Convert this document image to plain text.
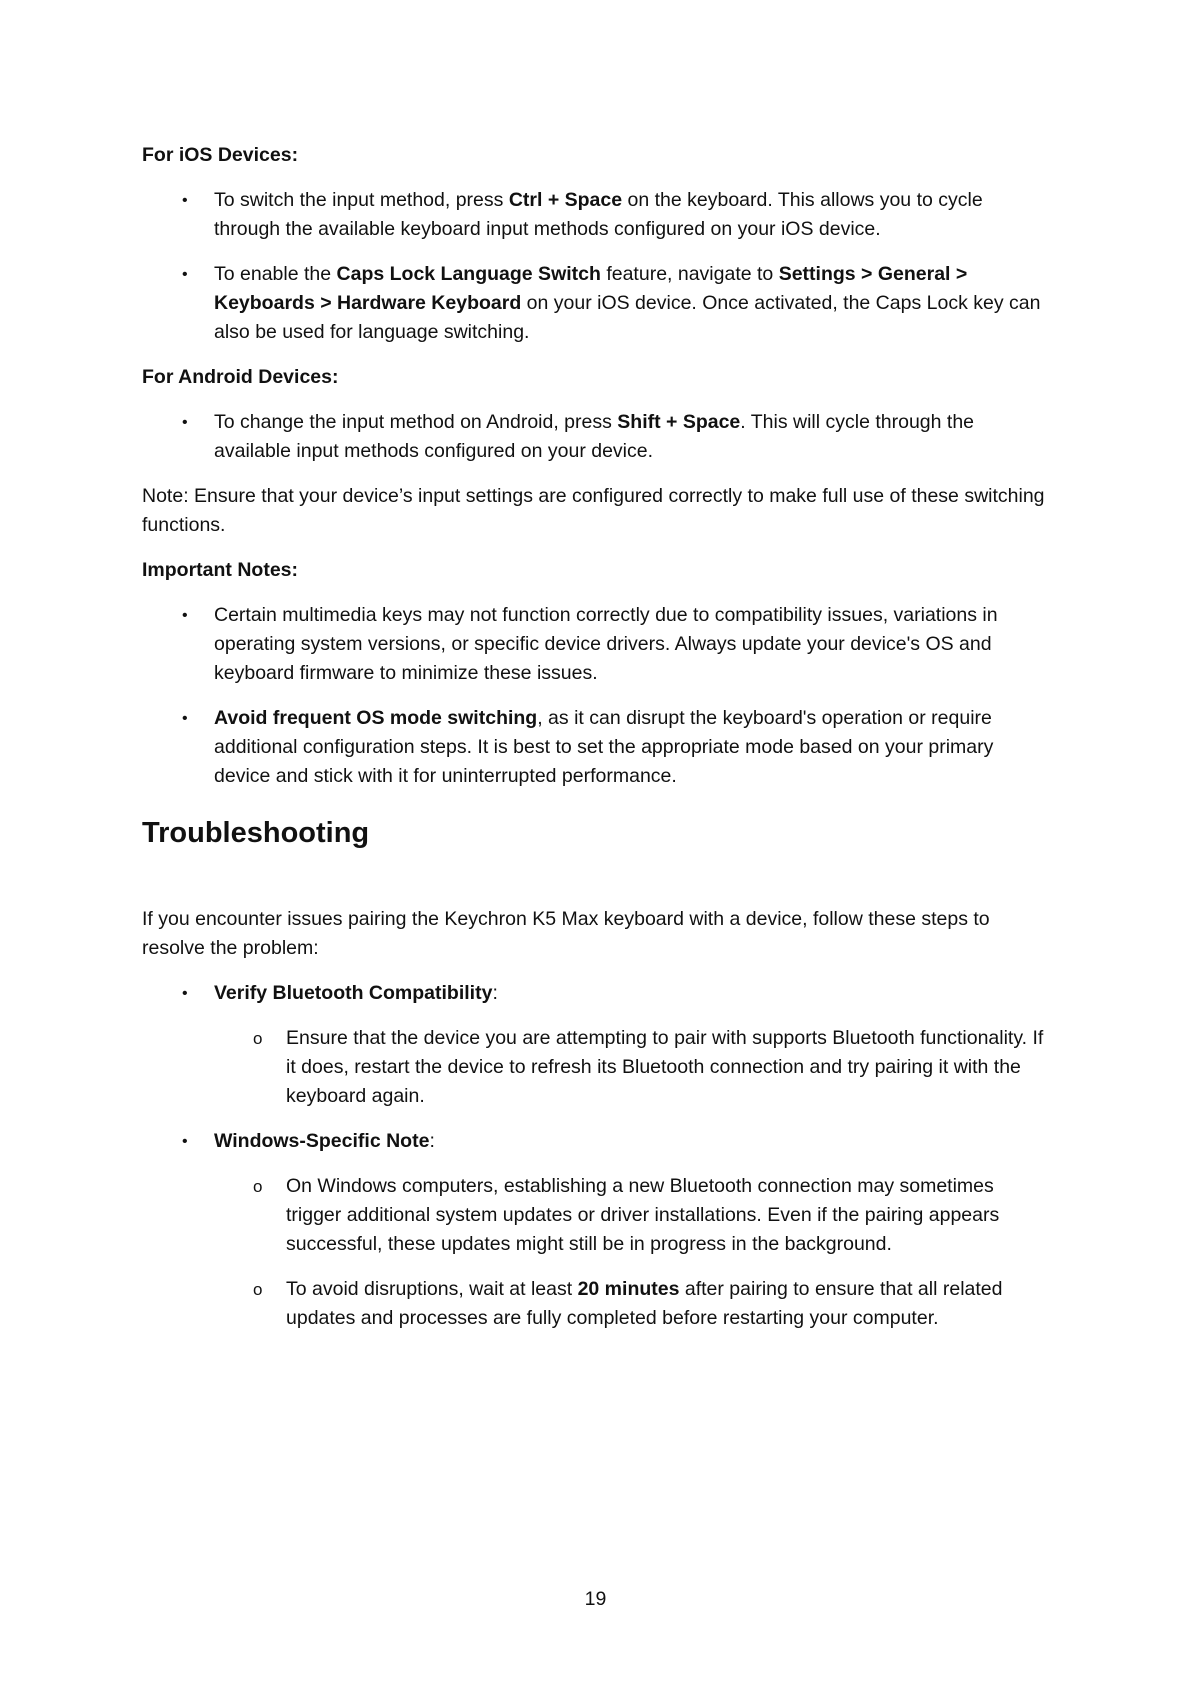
For iOS Devices:

• To switch the input method, press Ctrl + Space on the keyboard. This allows you to cycle through the available keyboard input methods configured on your iOS device.
• To enable the Caps Lock Language Switch feature, navigate to Settings > General > Keyboards > Hardware Keyboard on your iOS device. Once activated, the Caps Lock key can also be used for language switching.

For Android Devices:

• To change the input method on Android, press Shift + Space. This will cycle through the available input methods configured on your device.

Note: Ensure that your device’s input settings are configured correctly to make full use of these switching functions.

Important Notes:

• Certain multimedia keys may not function correctly due to compatibility issues, variations in operating system versions, or specific device drivers. Always update your device's OS and keyboard firmware to minimize these issues.
• Avoid frequent OS mode switching, as it can disrupt the keyboard's operation or require additional configuration steps. It is best to set the appropriate mode based on your primary device and stick with it for uninterrupted performance.
Troubleshooting

If you encounter issues pairing the Keychron K5 Max keyboard with a device, follow these steps to resolve the problem:

• Verify Bluetooth Compatibility:
o Ensure that the device you are attempting to pair with supports Bluetooth functionality. If it does, restart the device to refresh its Bluetooth connection and try pairing it with the keyboard again.
• Windows-Specific Note:
o On Windows computers, establishing a new Bluetooth connection may sometimes trigger additional system updates or driver installations. Even if the pairing appears successful, these updates might still be in progress in the background.
o To avoid disruptions, wait at least 20 minutes after pairing to ensure that all related updates and processes are fully completed before restarting your computer.
19
